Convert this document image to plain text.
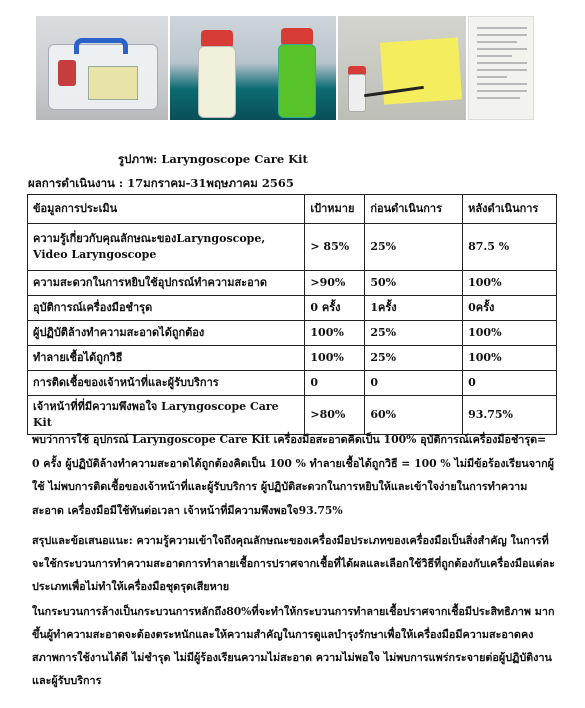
รูปภาพ: Laryngoscope Care Kit
ผลการดำเนินงาน : 17มกราคม-31พฤษภาคม 2565
ข้อมูลการประเมิน	เป้าหมาย	ก่อนดำเนินการ	หลังดำเนินการ
ความรู้เกี่ยวกับคุณลักษณะของLaryngoscope, Video Laryngoscope	> 85%	25%	87.5 %
ความสะดวกในการหยิบใช้อุปกรณ์ทำความสะอาด	>90%	50%	100%
อุบัติการณ์เครื่องมือชำรุด	0 ครั้ง	1ครั้ง	0ครั้ง
ผู้ปฏิบัติล้างทำความสะอาดได้ถูกต้อง	100%	25%	100%
ทำลายเชื้อได้ถูกวิธี	100%	25%	100%
การติดเชื้อของเจ้าหน้าที่และผู้รับบริการ	0	0	0
เจ้าหน้าที่ที่มีความพึงพอใจ Laryngoscope Care Kit	>80%	60%	93.75%

พบว่าการใช้ อุปกรณ์ Laryngoscope Care Kit เครื่องมือสะอาดคิดเป็น 100% อุบัติการณ์เครื่องมือชำรุด= 0 ครั้ง ผู้ปฏิบัติล้างทำความสะอาดได้ถูกต้องคิดเป็น 100 % ทำลายเชื้อได้ถูกวิธี = 100 % ไม่มีข้อร้องเรียนจากผู้ใช้ ไม่พบการติดเชื้อของเจ้าหน้าที่และผู้รับบริการ ผู้ปฏิบัติสะดวกในการหยิบให้และเข้าใจง่ายในการทำความสะอาด เครื่องมือมีใช้ทันต่อเวลา เจ้าหน้าที่มีความพึงพอใจ93.75%

สรุปและข้อเสนอแนะ: ความรู้ความเข้าใจถึงคุณลักษณะของเครื่องมือประเภทของเครื่องมือเป็นสิ่งสำคัญ ในการที่จะใช้กระบวนการทำความสะอาดการทำลายเชื้อการปราศจากเชื้อที่ได้ผลและเลือกใช้วิธีที่ถูกต้องกับเครื่องมือแต่ละประเภทเพื่อไม่ทำให้เครื่องมือชุดรุดเสียหาย

ในกระบวนการล้างเป็นกระบวนการหลักถึง80%ที่จะทำให้กระบวนการทำลายเชื้อปราศจากเชื้อมีประสิทธิภาพ มากขึ้นผู้ทำความสะอาดจะต้องตระหนักและให้ความสำคัญในการดูแลบำรุงรักษาเพื่อให้เครื่องมือมีความสะอาดคงสภาพการใช้งานได้ดี ไม่ชำรุด ไม่มีผู้ร้องเรียนความไม่สะอาด ความไม่พอใจ ไม่พบการแพร่กระจายต่อผู้ปฏิบัติงานและผู้รับบริการ
